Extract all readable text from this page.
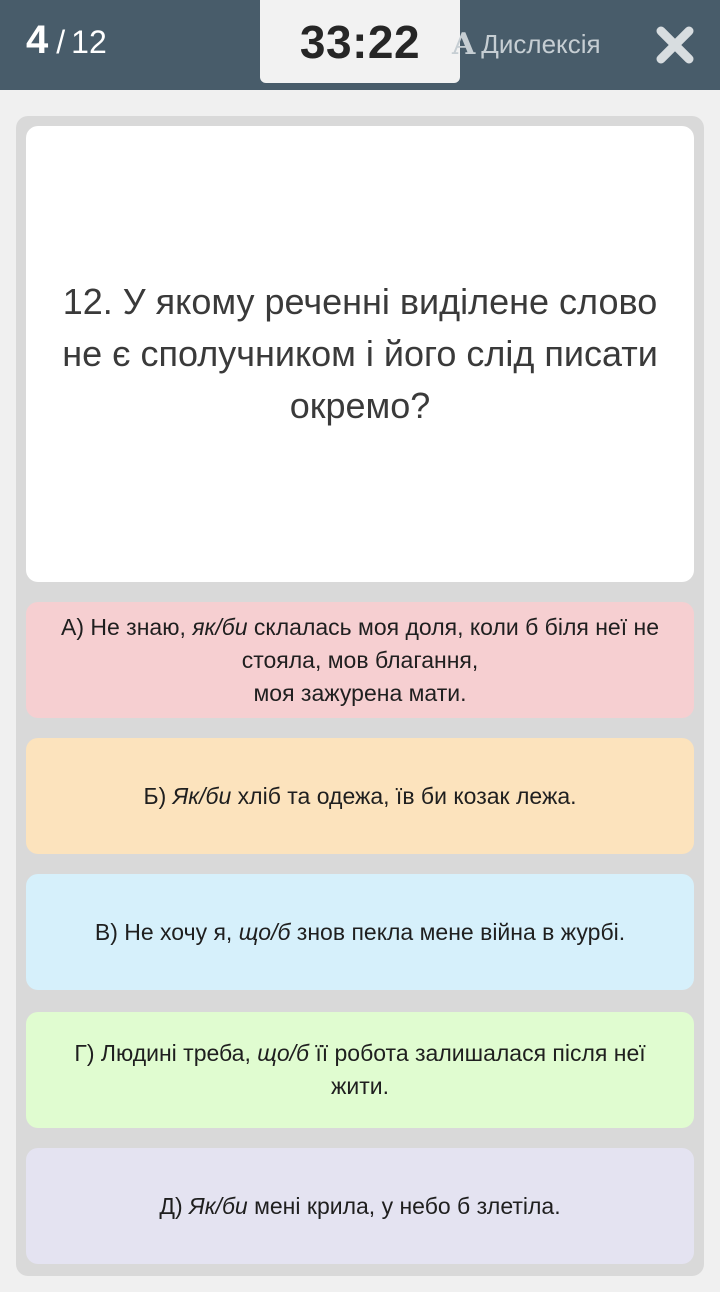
4 / 12	33:22	A Дислексія
12. У якому реченні виділене слово не є сполучником і його слід писати окремо?
А) Не знаю, як/би склалась моя доля, коли б біля неї не стояла, мов благання,
моя зажурена мати.
Б) Як/би хліб та одежа, їв би козак лежа.
В) Не хочу я, що/б знов пекла мене війна в журбі.
Г) Людині треба, що/б її робота залишалася після неї жити.
Д) Як/би мені крила, у небо б злетіла.
